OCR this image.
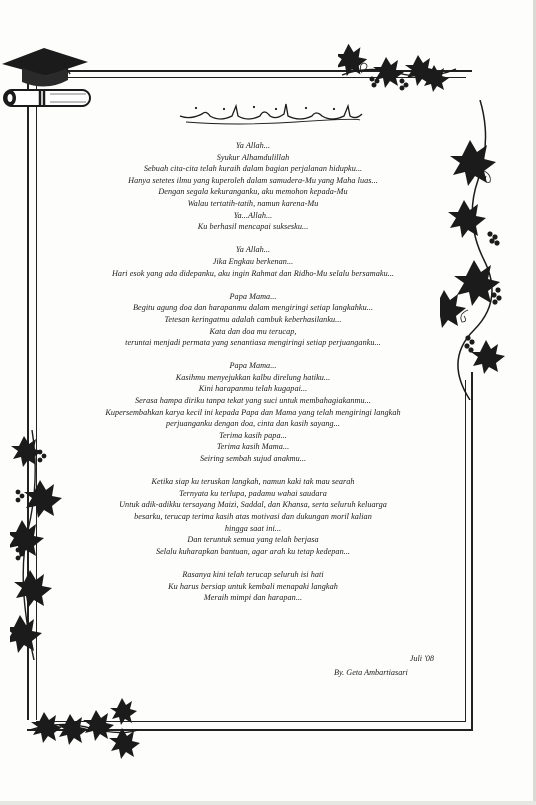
Ya Allah...
Syukur Alhamdulillah
Sebuah cita-cita telah kuraih dalam bagian perjalanan hidupku...
Hanya setetes ilmu yang kuperoleh dalam samudera-Mu yang Maha luas...
Dengan segala kekuranganku, aku memohon kepada-Mu
Walau tertatih-tatih, namun karena-Mu
Ya...Allah...
Ku berhasil mencapai suksesku...
Ya Allah...
Jika Engkau berkenan...
Hari esok yang ada didepanku, aku ingin Rahmat dan Ridho-Mu selalu bersamaku...
Papa Mama...
Begitu agung doa dan harapanmu dalam mengiringi setiap langkahku...
Tetesan keringatmu adalah cambuk keberhasilanku...
Kata dan doa mu terucap,
teruntai menjadi permata yang senantiasa mengiringi setiap perjuanganku...
Papa Mama...
Kasihmu menyejukkan kalbu direlung hatiku...
Kini harapanmu telah kugapai...
Serasa hampa diriku tanpa tekat yang suci untuk membahagiakanmu...
Kupersembahkan karya kecil ini kepada Papa dan Mama yang telah mengiringi langkah
perjuanganku dengan doa, cinta dan kasih sayang...
Terima kasih papa...
Terima kasih Mama...
Seiring sembah sujud anakmu...
Ketika siap ku teruskan langkah, namun kaki tak mau searah
Ternyata ku terlupa, padamu wahai saudara
Untuk adik-adikku tersayang Maizi, Saddal, dan Khansa, serta seluruh keluarga
besarku, terucap terima kasih atas motivasi dan dukungan moril kalian
hingga saat ini...
Dan teruntuk semua yang telah berjasa
Selalu kuharapkan bantuan, agar arah ku tetap kedepan...
Rasanya kini telah terucap seluruh isi hati
Ku harus bersiap untuk kembali menapaki langkah
Meraih mimpi dan harapan...
Juli '08
By. Geta Ambartiasari
